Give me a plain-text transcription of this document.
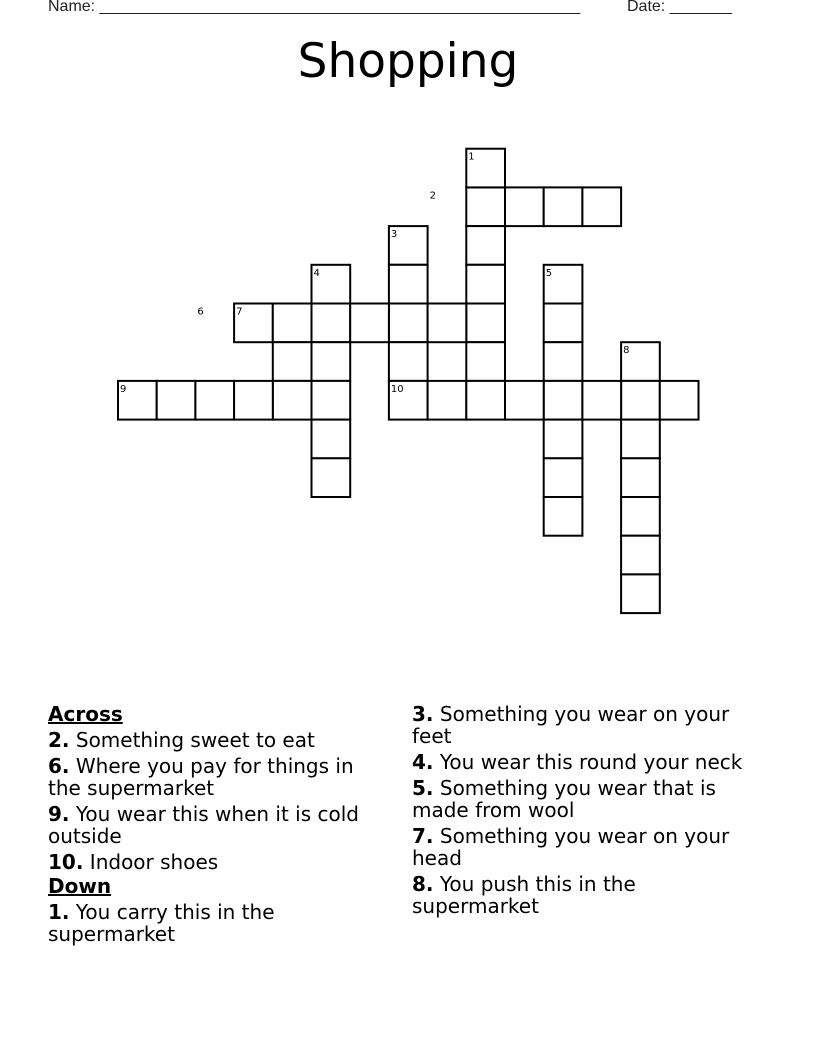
Name: ______________________________________________________	Date: _______
Shopping
1
2
3
4	5
6	7
8
9	10
Across
2. Something sweet to eat
6. Where you pay for things in the supermarket
9. You wear this when it is cold outside
10. Indoor shoes
Down
1. You carry this in the supermarket
3. Something you wear on your feet
4. You wear this round your neck
5. Something you wear that is made from wool
7. Something you wear on your head
8. You push this in the supermarket
